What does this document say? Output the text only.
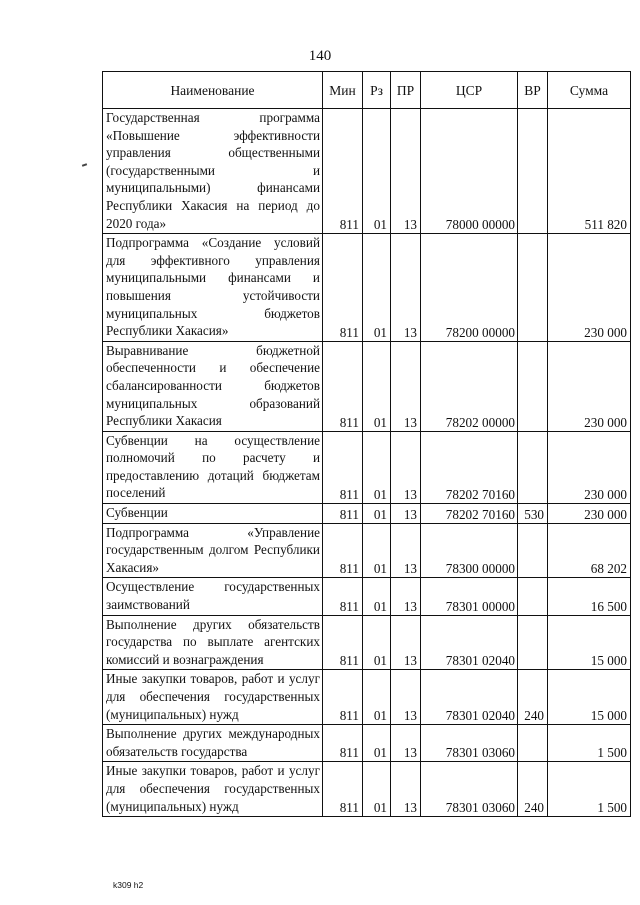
140
Наименование	Мин	Рз	ПР	ЦСР	ВР	Сумма
Государственная программа «Повышение эффективности управления общественными (государственными и муниципальными) финансами Республики Хакасия на период до 2020 года»	811	01	13	78000 00000		511 820
Подпрограмма «Создание условий для эффективного управления муниципальными финансами и повышения устойчивости муниципальных бюджетов Республики Хакасия»	811	01	13	78200 00000		230 000
Выравнивание бюджетной обеспеченности и обеспечение сбалансированности бюджетов муниципальных образований Республики Хакасия	811	01	13	78202 00000		230 000
Субвенции на осуществление полномочий по расчету и предоставлению дотаций бюджетам поселений	811	01	13	78202 70160		230 000
Субвенции	811	01	13	78202 70160	530	230 000
Подпрограмма «Управление государственным долгом Республики Хакасия»	811	01	13	78300 00000		68 202
Осуществление государственных заимствований	811	01	13	78301 00000		16 500
Выполнение других обязательств государства по выплате агентских комиссий и вознаграждения	811	01	13	78301 02040		15 000
Иные закупки товаров, работ и услуг для обеспечения государственных (муниципальных) нужд	811	01	13	78301 02040	240	15 000
Выполнение других международных обязательств государства	811	01	13	78301 03060		1 500
Иные закупки товаров, работ и услуг для обеспечения государственных (муниципальных) нужд	811	01	13	78301 03060	240	1 500
k309 h2
